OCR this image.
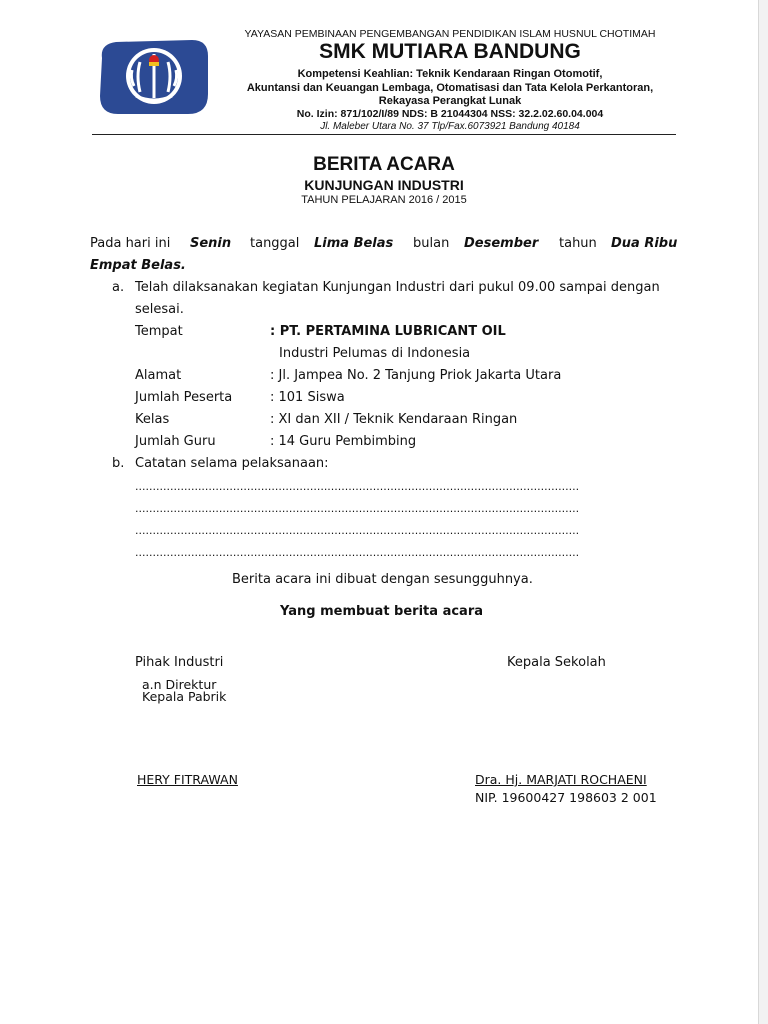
YAYASAN PEMBINAAN PENGEMBANGAN PENDIDIKAN ISLAM HUSNUL CHOTIMAH
SMK MUTIARA BANDUNG
Kompetensi Keahlian: Teknik Kendaraan Ringan Otomotif,
Akuntansi dan Keuangan Lembaga, Otomatisasi dan Tata Kelola Perkantoran,
Rekayasa Perangkat Lunak
No. Izin: 871/102/I/89 NDS: B 21044304 NSS: 32.2.02.60.04.004
Jl. Maleber Utara No. 37 Tlp/Fax.6073921 Bandung 40184
BERITA ACARA
KUNJUNGAN INDUSTRI
TAHUN PELAJARAN 2016 / 2015
Pada hari ini Senin tanggal Lima Belas bulan Desember tahun Dua Ribu
Empat Belas.
a. Telah dilaksanakan kegiatan Kunjungan Industri dari pukul 09.00 sampai dengan
selesai.
Tempat	: PT. PERTAMINA LUBRICANT OIL
Industri Pelumas di Indonesia
Alamat	: Jl. Jampea No. 2 Tanjung Priok Jakarta Utara
Jumlah Peserta	: 101 Siswa
Kelas	: XI dan XII / Teknik Kendaraan Ringan
Jumlah Guru	: 14 Guru Pembimbing
b. Catatan selama pelaksanaan:
...............................................................................................................................
...............................................................................................................................
...............................................................................................................................
...............................................................................................................................
Berita acara ini dibuat dengan sesungguhnya.
Yang membuat berita acara
Pihak Industri	Kepala Sekolah
a.n Direktur
Kepala Pabrik
HERY FITRAWAN	Dra. Hj. MARJATI ROCHAENI
NIP. 19600427 198603 2 001
